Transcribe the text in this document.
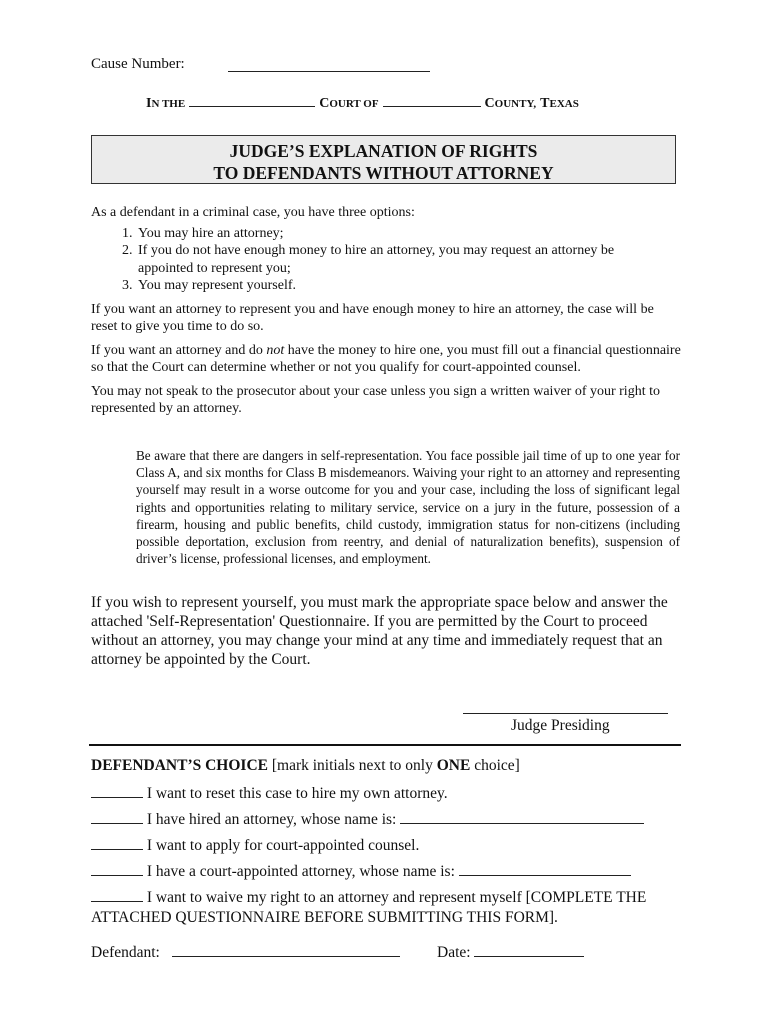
Cause Number:
IN THE	COURT OF	COUNTY, TEXAS
JUDGE’S EXPLANATION OF RIGHTS
TO DEFENDANTS WITHOUT ATTORNEY

As a defendant in a criminal case, you have three options:

1. You may hire an attorney;
2. If you do not have enough money to hire an attorney, you may request an attorney be appointed to represent you;
3. You may represent yourself.

If you want an attorney to represent you and have enough money to hire an attorney, the case will be reset to give you time to do so.

If you want an attorney and do not have the money to hire one, you must fill out a financial questionnaire so that the Court can determine whether or not you qualify for court-appointed counsel.

You may not speak to the prosecutor about your case unless you sign a written waiver of your right to represented by an attorney.

Be aware that there are dangers in self-representation. You face possible jail time of up to one year for Class A, and six months for Class B misdemeanors. Waiving your right to an attorney and representing yourself may result in a worse outcome for you and your case, including the loss of significant legal rights and opportunities relating to military service, service on a jury in the future, possession of a firearm, housing and public benefits, child custody, immigration status for non-citizens (including possible deportation, exclusion from reentry, and denial of naturalization benefits), suspension of driver’s license, professional licenses, and employment.

If you wish to represent yourself, you must mark the appropriate space below and answer the attached 'Self-Representation' Questionnaire. If you are permitted by the Court to proceed without an attorney, you may change your mind at any time and immediately request that an attorney be appointed by the Court.

Judge Presiding
DEFENDANT’S CHOICE [mark initials next to only ONE choice]
I want to reset this case to hire my own attorney.
I have hired an attorney, whose name is:
I want to apply for court-appointed counsel.
I have a court-appointed attorney, whose name is:
I want to waive my right to an attorney and represent myself [COMPLETE THE ATTACHED QUESTIONNAIRE BEFORE SUBMITTING THIS FORM].
Defendant:	Date:
